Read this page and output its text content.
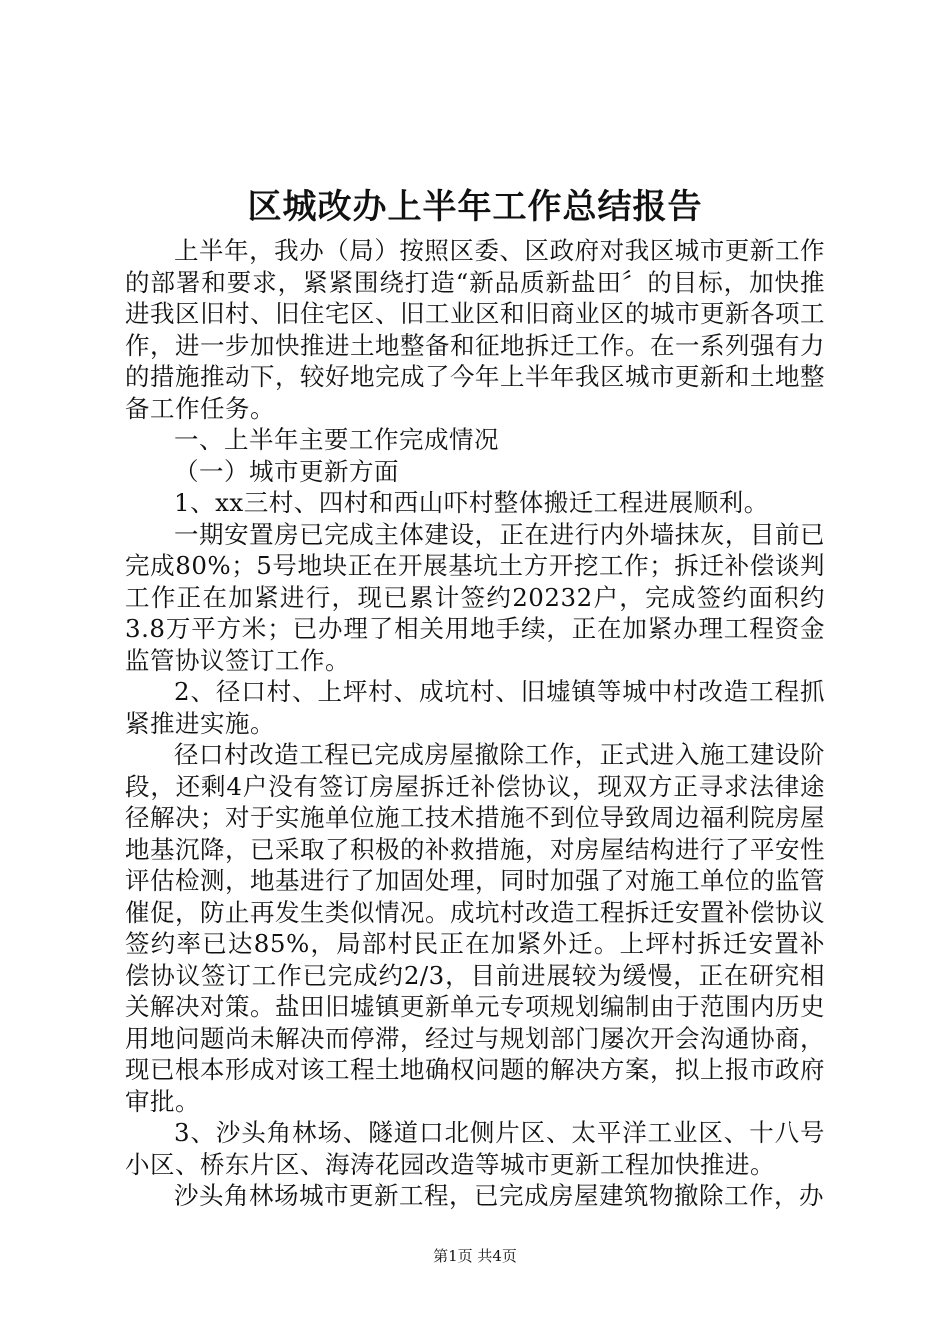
区城改办上半年工作总结报告

上半年，我办（局）按照区委、区政府对我区城市更新工作的部署和要求，紧紧围绕打造“新品质新盐田〞的目标，加快推进我区旧村、旧住宅区、旧工业区和旧商业区的城市更新各项工作，进一步加快推进土地整备和征地拆迁工作。在一系列强有力的措施推动下，较好地完成了今年上半年我区城市更新和土地整备工作任务。

一、上半年主要工作完成情况

（一）城市更新方面

1、xx三村、四村和西山吓村整体搬迁工程进展顺利。

一期安置房已完成主体建设，正在进行内外墙抹灰，目前已完成80%；5号地块正在开展基坑土方开挖工作；拆迁补偿谈判工作正在加紧进行，现已累计签约20232户，完成签约面积约3.8万平方米；已办理了相关用地手续，正在加紧办理工程资金监管协议签订工作。

2、径口村、上坪村、成坑村、旧墟镇等城中村改造工程抓紧推进实施。

径口村改造工程已完成房屋撤除工作，正式进入施工建设阶段，还剩4户没有签订房屋拆迁补偿协议，现双方正寻求法律途径解决；对于实施单位施工技术措施不到位导致周边福利院房屋地基沉降，已采取了积极的补救措施，对房屋结构进行了平安性评估检测，地基进行了加固处理，同时加强了对施工单位的监管催促，防止再发生类似情况。成坑村改造工程拆迁安置补偿协议签约率已达85%，局部村民正在加紧外迁。上坪村拆迁安置补偿协议签订工作已完成约2/3，目前进展较为缓慢，正在研究相关解决对策。盐田旧墟镇更新单元专项规划编制由于范围内历史用地问题尚未解决而停滞，经过与规划部门屡次开会沟通协商，现已根本形成对该工程土地确权问题的解决方案，拟上报市政府审批。

3、沙头角林场、隧道口北侧片区、太平洋工业区、十八号小区、桥东片区、海涛花园改造等城市更新工程加快推进。

沙头角林场城市更新工程，已完成房屋建筑物撤除工作，办

第1页 共4页
